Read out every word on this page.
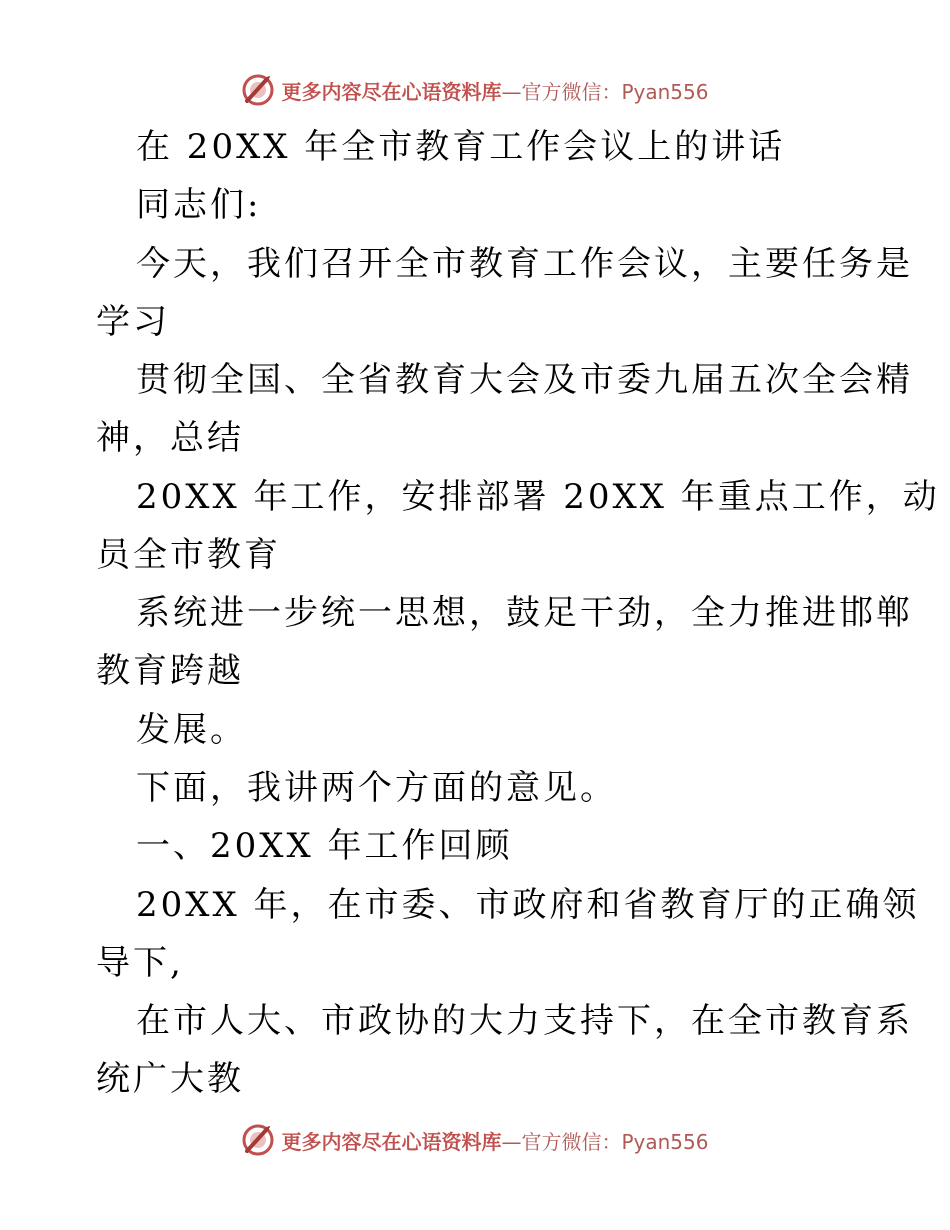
更多内容尽在心语资料库—官方微信：Pyan556
在 20XX 年全市教育工作会议上的讲话
同志们:
今天，我们召开全市教育工作会议，主要任务是
学习
贯彻全国、全省教育大会及市委九届五次全会精
神，总结
20XX 年工作，安排部署 20XX 年重点工作，动
员全市教育
系统进一步统一思想，鼓足干劲，全力推进邯郸
教育跨越
发展。
下面，我讲两个方面的意见。
一、20XX 年工作回顾
20XX 年，在市委、市政府和省教育厅的正确领
导下,
在市人大、市政协的大力支持下，在全市教育系
统广大教
更多内容尽在心语资料库—官方微信：Pyan556
